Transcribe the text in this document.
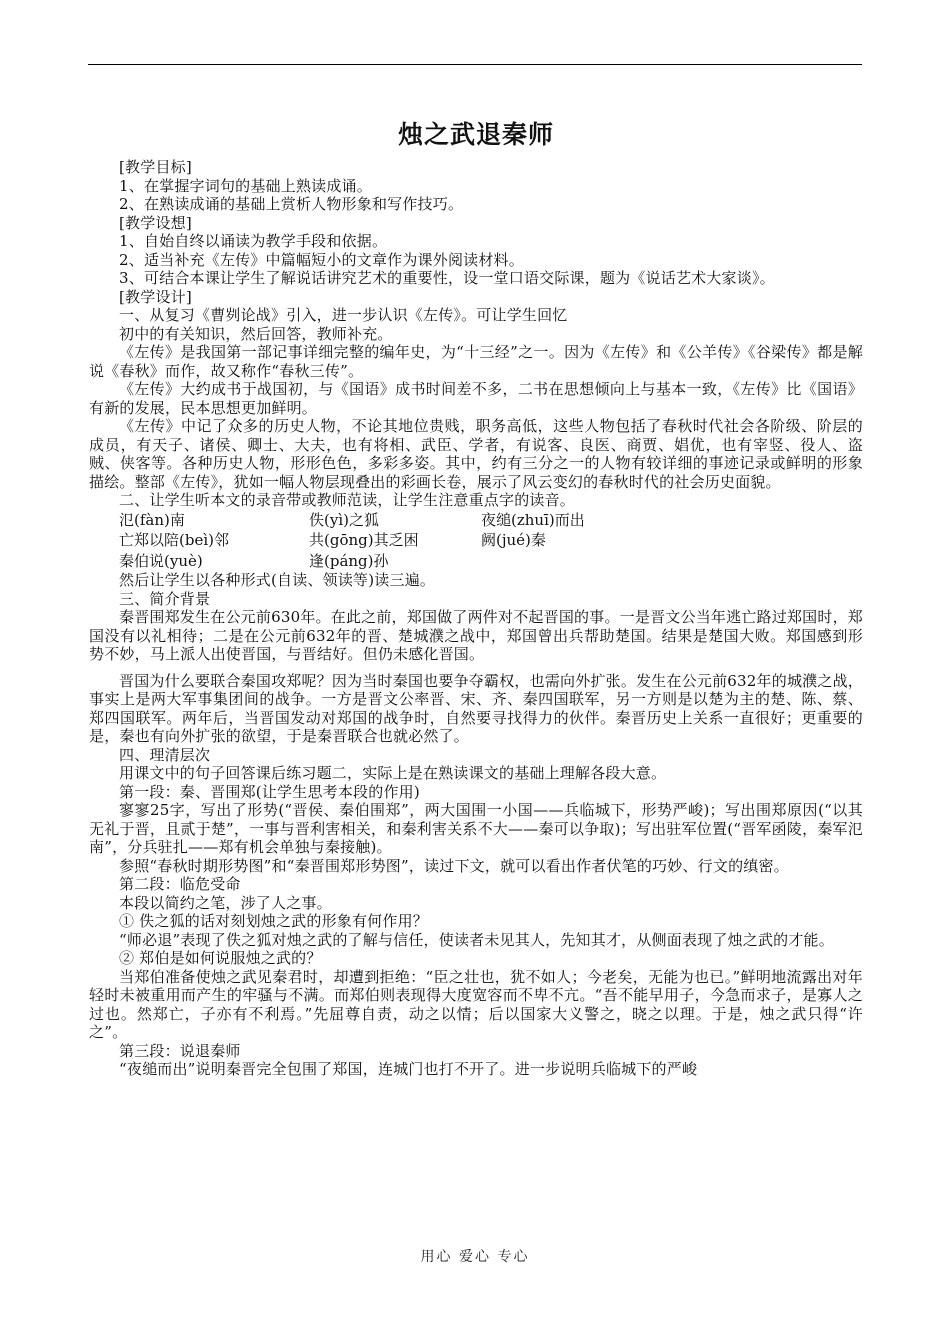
烛之武退秦师

[教学目标]

1、在掌握字词句的基础上熟读成诵。

2、在熟读成诵的基础上赏析人物形象和写作技巧。

[教学设想]

1、自始自终以诵读为教学手段和依据。

2、适当补充《左传》中篇幅短小的文章作为课外阅读材料。

3、可结合本课让学生了解说话讲究艺术的重要性，设一堂口语交际课，题为《说话艺术大家谈》。

[教学设计]

一、从复习《曹刿论战》引入，进一步认识《左传》。可让学生回忆

初中的有关知识，然后回答，教师补充。

《左传》是我国第一部记事详细完整的编年史，为“十三经”之一。因为《左传》和《公羊传》《谷梁传》都是解说《春秋》而作，故又称作“春秋三传”。

《左传》大约成书于战国初，与《国语》成书时间差不多，二书在思想倾向上与基本一致，《左传》比《国语》有新的发展，民本思想更加鲜明。

《左传》中记了众多的历史人物，不论其地位贵贱，职务高低，这些人物包括了春秋时代社会各阶级、阶层的成员，有天子、诸侯、卿士、大夫，也有将相、武臣、学者，有说客、良医、商贾、娼优，也有宰竖、役人、盗贼、侠客等。各种历史人物，形形色色，多彩多姿。其中，约有三分之一的人物有较详细的事迹记录或鲜明的形象描绘。整部《左传》，犹如一幅人物层现叠出的彩画长卷，展示了风云变幻的春秋时代的社会历史面貌。

二、让学生听本文的录音带或教师范读，让学生注意重点字的读音。

氾(fàn)南	佚(yì)之狐	夜缒(zhuī)而出
亡郑以陪(beì)邻	共(gōng)其乏困	阙(jué)秦
秦伯说(yuè)	逢(páng)孙

然后让学生以各种形式(自读、领读等)读三遍。

三、简介背景

秦晋围郑发生在公元前630年。在此之前，郑国做了两件对不起晋国的事。一是晋文公当年逃亡路过郑国时，郑国没有以礼相待；二是在公元前632年的晋、楚城濮之战中，郑国曾出兵帮助楚国。结果是楚国大败。郑国感到形势不妙，马上派人出使晋国，与晋结好。但仍未感化晋国。

晋国为什么要联合秦国攻郑呢？因为当时秦国也要争夺霸权，也需向外扩张。发生在公元前632年的城濮之战，事实上是两大军事集团间的战争。一方是晋文公率晋、宋、齐、秦四国联军，另一方则是以楚为主的楚、陈、蔡、郑四国联军。两年后，当晋国发动对郑国的战争时，自然要寻找得力的伙伴。秦晋历史上关系一直很好；更重要的是，秦也有向外扩张的欲望，于是秦晋联合也就必然了。

四、理清层次

用课文中的句子回答课后练习题二，实际上是在熟读课文的基础上理解各段大意。

第一段：秦、晋围郑(让学生思考本段的作用)

寥寥25字，写出了形势(“晋侯、秦伯围郑”，两大国围一小国——兵临城下，形势严峻)；写出围郑原因(“以其无礼于晋，且贰于楚”，一事与晋利害相关，和秦利害关系不大——秦可以争取)；写出驻军位置(“晋军函陵，秦军氾南”，分兵驻扎——郑有机会单独与秦接触)。

参照“春秋时期形势图”和“秦晋围郑形势图”，读过下文，就可以看出作者伏笔的巧妙、行文的缜密。

第二段：临危受命

本段以简约之笔，涉了人之事。

① 佚之狐的话对刻划烛之武的形象有何作用？

“师必退”表现了佚之狐对烛之武的了解与信任，使读者未见其人，先知其才，从侧面表现了烛之武的才能。

② 郑伯是如何说服烛之武的？

当郑伯准备使烛之武见秦君时，却遭到拒绝：“臣之壮也，犹不如人；今老矣，无能为也已。”鲜明地流露出对年轻时未被重用而产生的牢骚与不满。而郑伯则表现得大度宽容而不卑不亢。“吾不能早用子，今急而求子，是寡人之过也。然郑亡，子亦有不利焉。”先屈尊自责，动之以情；后以国家大义警之，晓之以理。于是，烛之武只得“许之”。

第三段：说退秦师

“夜缒而出”说明秦晋完全包围了郑国，连城门也打不开了。进一步说明兵临城下的严峻

用心 爱心 专心
